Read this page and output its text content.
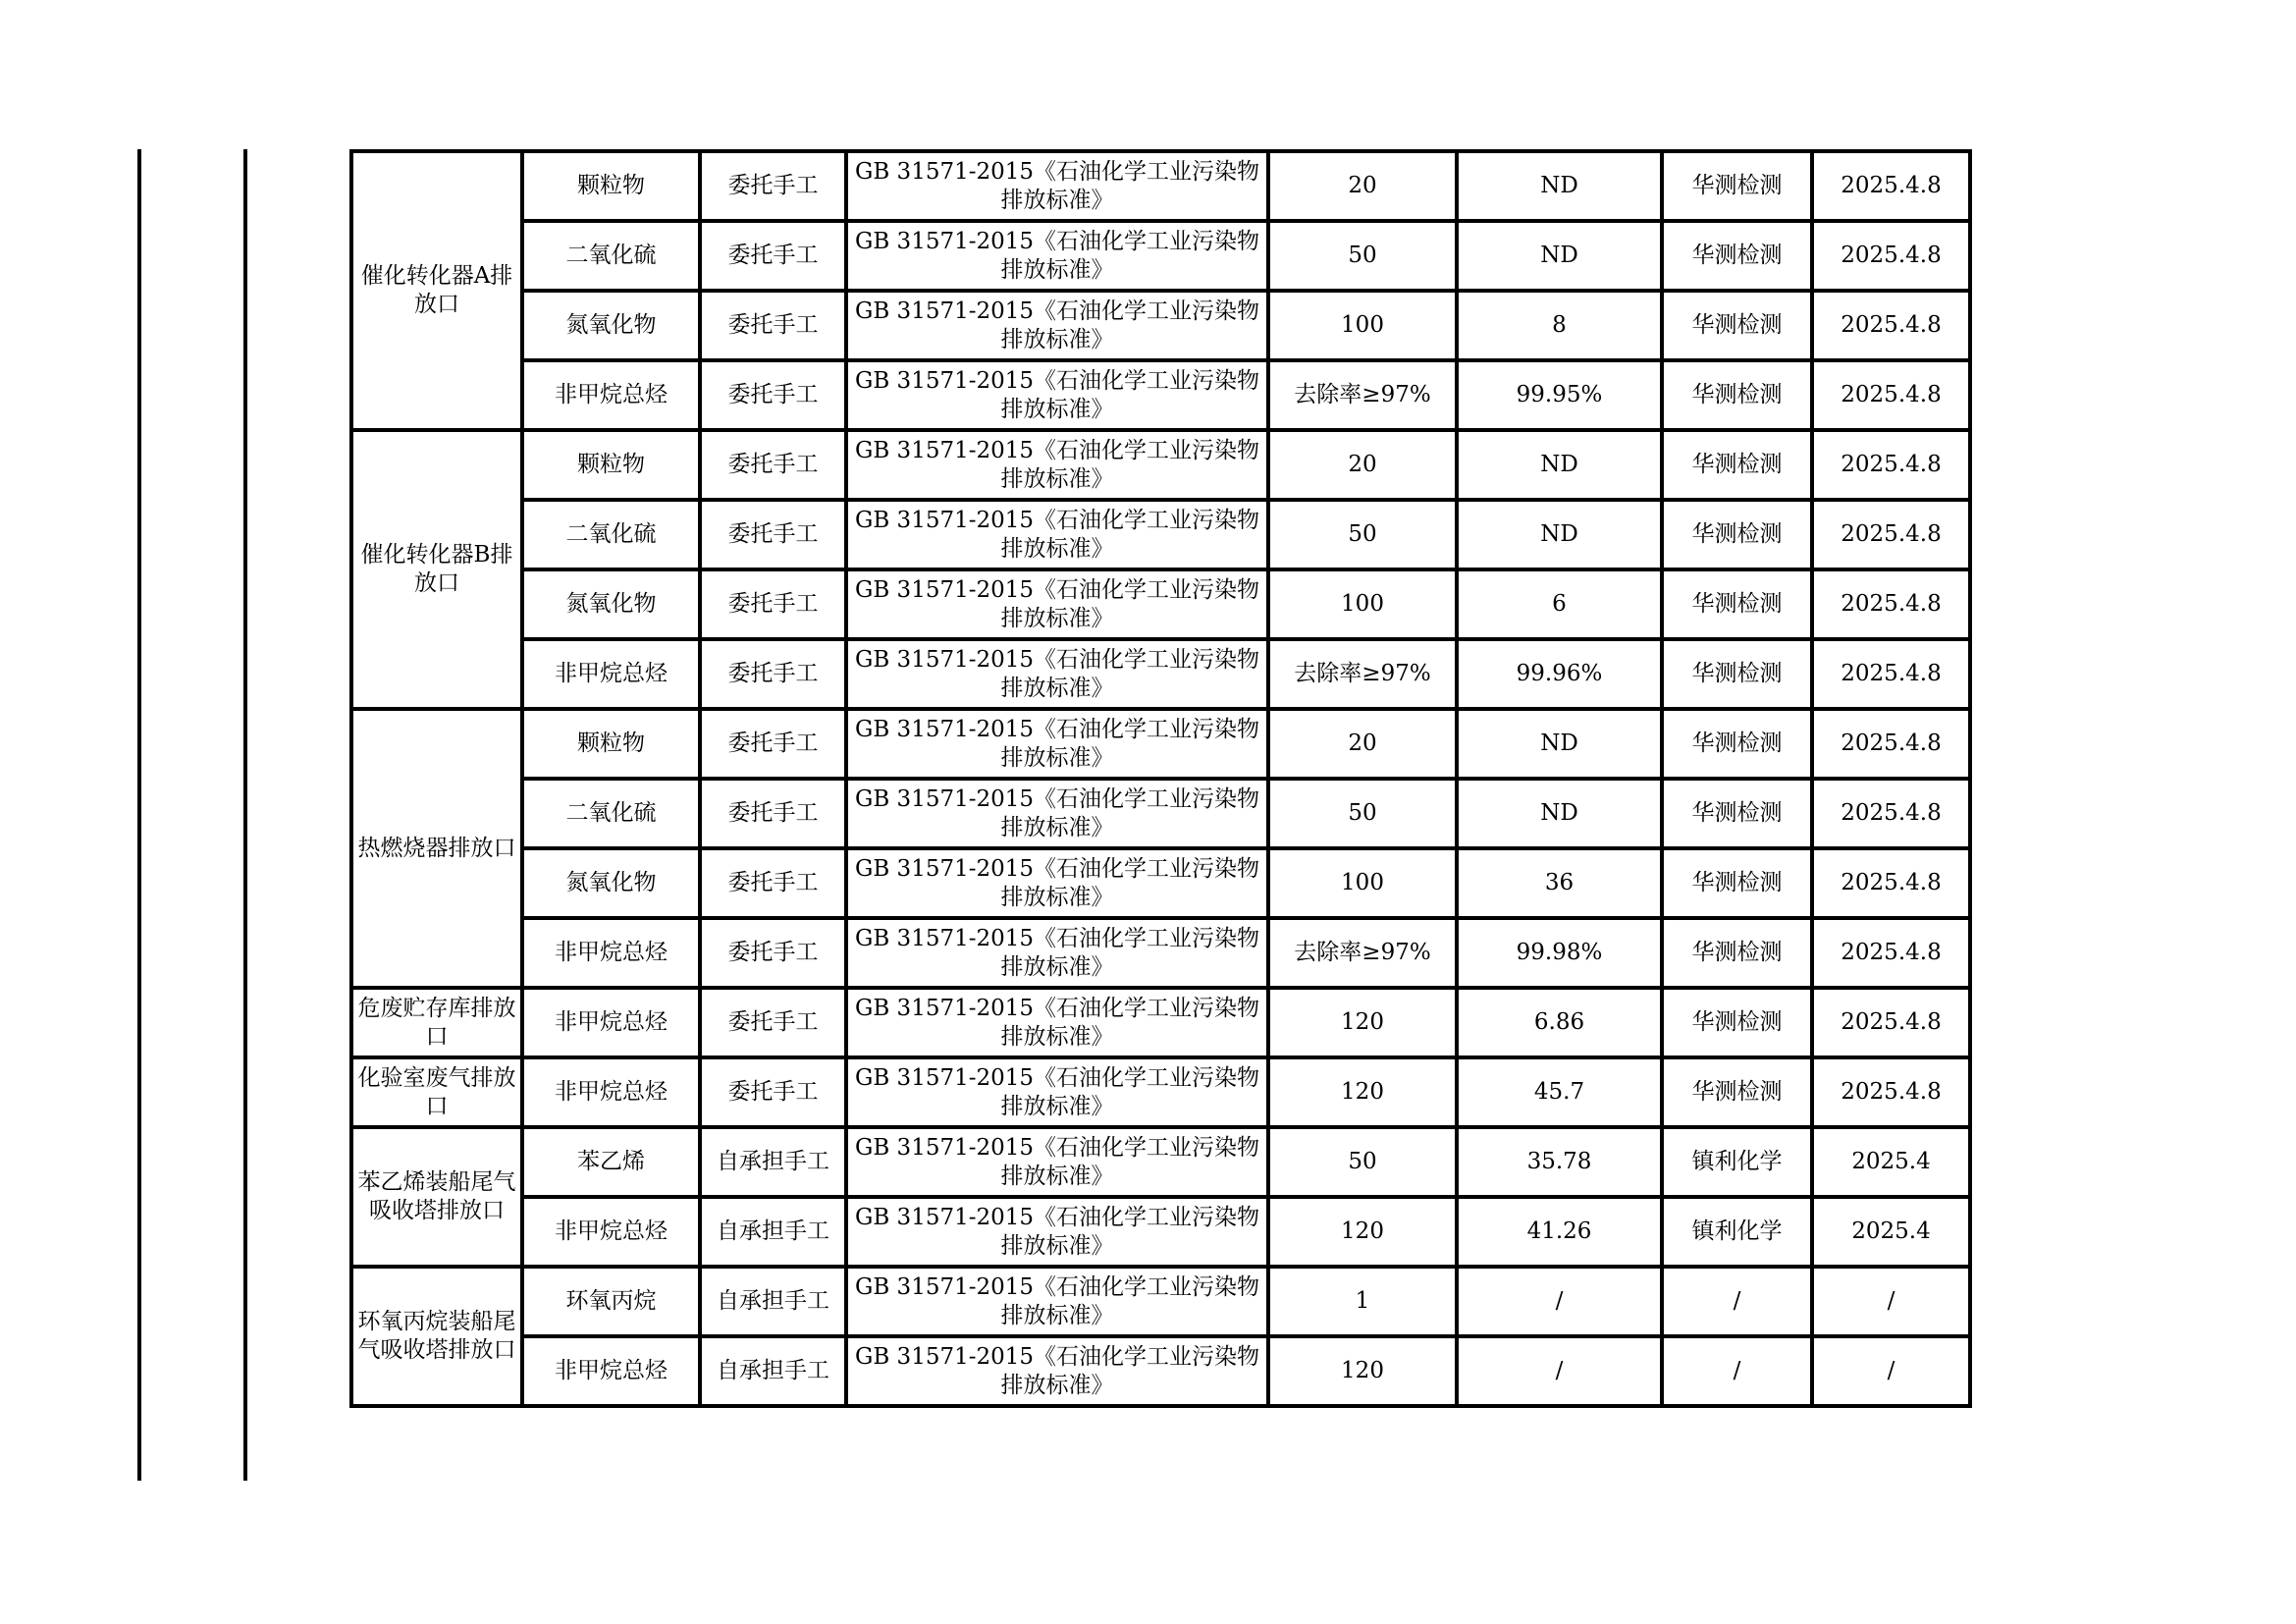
催化转化器A排放口	颗粒物	委托手工	GB 31571-2015《石油化学工业污染物
排放标准》	20	ND	华测检测	2025.4.8
	二氧化硫	委托手工	GB 31571-2015《石油化学工业污染物
排放标准》	50	ND	华测检测	2025.4.8
	氮氧化物	委托手工	GB 31571-2015《石油化学工业污染物
排放标准》	100	8	华测检测	2025.4.8
	非甲烷总烃	委托手工	GB 31571-2015《石油化学工业污染物
排放标准》	去除率≥97%	99.95%	华测检测	2025.4.8
催化转化器B排放口	颗粒物	委托手工	GB 31571-2015《石油化学工业污染物
排放标准》	20	ND	华测检测	2025.4.8
	二氧化硫	委托手工	GB 31571-2015《石油化学工业污染物
排放标准》	50	ND	华测检测	2025.4.8
	氮氧化物	委托手工	GB 31571-2015《石油化学工业污染物
排放标准》	100	6	华测检测	2025.4.8
	非甲烷总烃	委托手工	GB 31571-2015《石油化学工业污染物
排放标准》	去除率≥97%	99.96%	华测检测	2025.4.8
热燃烧器排放口	颗粒物	委托手工	GB 31571-2015《石油化学工业污染物
排放标准》	20	ND	华测检测	2025.4.8
	二氧化硫	委托手工	GB 31571-2015《石油化学工业污染物
排放标准》	50	ND	华测检测	2025.4.8
	氮氧化物	委托手工	GB 31571-2015《石油化学工业污染物
排放标准》	100	36	华测检测	2025.4.8
	非甲烷总烃	委托手工	GB 31571-2015《石油化学工业污染物
排放标准》	去除率≥97%	99.98%	华测检测	2025.4.8
危废贮存库排放口	非甲烷总烃	委托手工	GB 31571-2015《石油化学工业污染物
排放标准》	120	6.86	华测检测	2025.4.8
化验室废气排放口	非甲烷总烃	委托手工	GB 31571-2015《石油化学工业污染物
排放标准》	120	45.7	华测检测	2025.4.8
苯乙烯装船尾气吸收塔排放口	苯乙烯	自承担手工	GB 31571-2015《石油化学工业污染物
排放标准》	50	35.78	镇利化学	2025.4
	非甲烷总烃	自承担手工	GB 31571-2015《石油化学工业污染物
排放标准》	120	41.26	镇利化学	2025.4
环氧丙烷装船尾气吸收塔排放口	环氧丙烷	自承担手工	GB 31571-2015《石油化学工业污染物
排放标准》	1	/	/	/
	非甲烷总烃	自承担手工	GB 31571-2015《石油化学工业污染物
排放标准》	120	/	/	/
